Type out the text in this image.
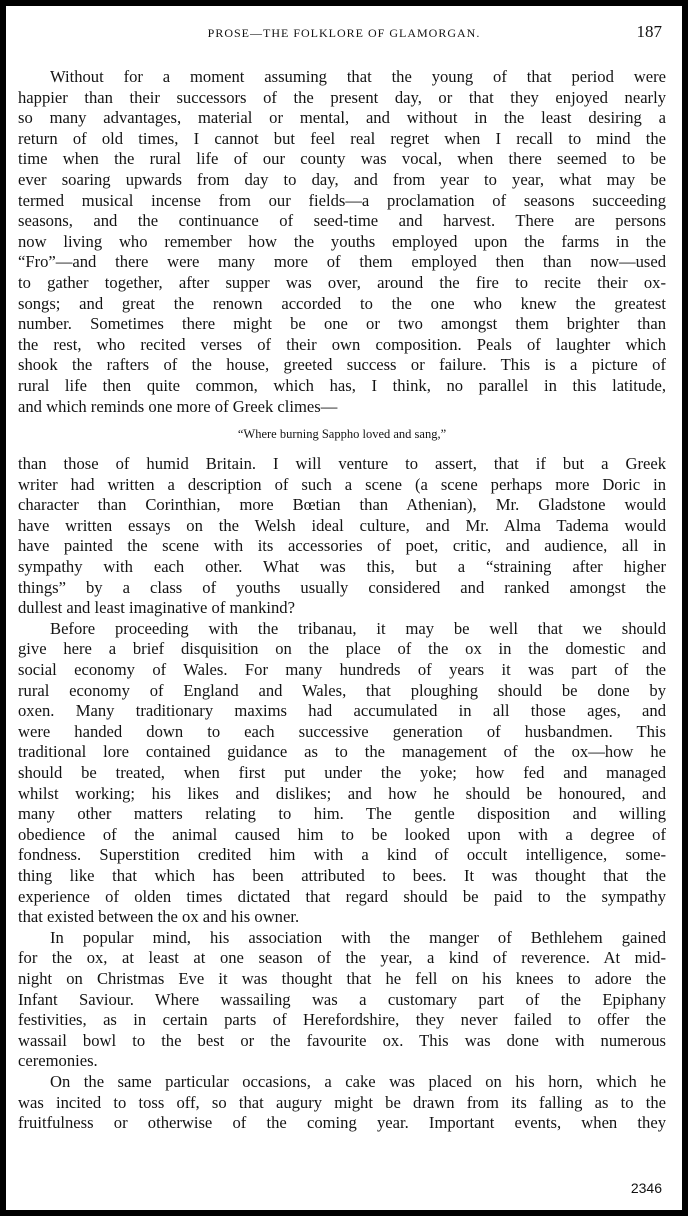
PROSE—THE FOLKLORE OF GLAMORGAN.	187
Without for a moment assuming that the young of that period were
happier than their successors of the present day, or that they enjoyed nearly
so many advantages, material or mental, and without in the least desiring a
return of old times, I cannot but feel real regret when I recall to mind the
time when the rural life of our county was vocal, when there seemed to be
ever soaring upwards from day to day, and from year to year, what may be
termed musical incense from our fields—a proclamation of seasons succeeding
seasons, and the continuance of seed-time and harvest. There are persons
now living who remember how the youths employed upon the farms in the
“Fro”—and there were many more of them employed then than now—used
to gather together, after supper was over, around the fire to recite their ox-
songs; and great the renown accorded to the one who knew the greatest
number. Sometimes there might be one or two amongst them brighter than
the rest, who recited verses of their own composition. Peals of laughter which
shook the rafters of the house, greeted success or failure. This is a picture of
rural life then quite common, which has, I think, no parallel in this latitude,
and which reminds one more of Greek climes—
“Where burning Sappho loved and sang,”
than those of humid Britain. I will venture to assert, that if but a Greek
writer had written a description of such a scene (a scene perhaps more Doric in
character than Corinthian, more Bœtian than Athenian), Mr. Gladstone would
have written essays on the Welsh ideal culture, and Mr. Alma Tadema would
have painted the scene with its accessories of poet, critic, and audience, all in
sympathy with each other. What was this, but a “straining after higher
things” by a class of youths usually considered and ranked amongst the
dullest and least imaginative of mankind?
Before proceeding with the tribanau, it may be well that we should
give here a brief disquisition on the place of the ox in the domestic and
social economy of Wales. For many hundreds of years it was part of the
rural economy of England and Wales, that ploughing should be done by
oxen. Many traditionary maxims had accumulated in all those ages, and
were handed down to each successive generation of husbandmen. This
traditional lore contained guidance as to the management of the ox—how he
should be treated, when first put under the yoke; how fed and managed
whilst working; his likes and dislikes; and how he should be honoured, and
many other matters relating to him. The gentle disposition and willing
obedience of the animal caused him to be looked upon with a degree of
fondness. Superstition credited him with a kind of occult intelligence, some-
thing like that which has been attributed to bees. It was thought that the
experience of olden times dictated that regard should be paid to the sympathy
that existed between the ox and his owner.
In popular mind, his association with the manger of Bethlehem gained
for the ox, at least at one season of the year, a kind of reverence. At mid-
night on Christmas Eve it was thought that he fell on his knees to adore the
Infant Saviour. Where wassailing was a customary part of the Epiphany
festivities, as in certain parts of Herefordshire, they never failed to offer the
wassail bowl to the best or the favourite ox. This was done with numerous
ceremonies.
On the same particular occasions, a cake was placed on his horn, which he
was incited to toss off, so that augury might be drawn from its falling as to the
fruitfulness or otherwise of the coming year. Important events, when they
2346
